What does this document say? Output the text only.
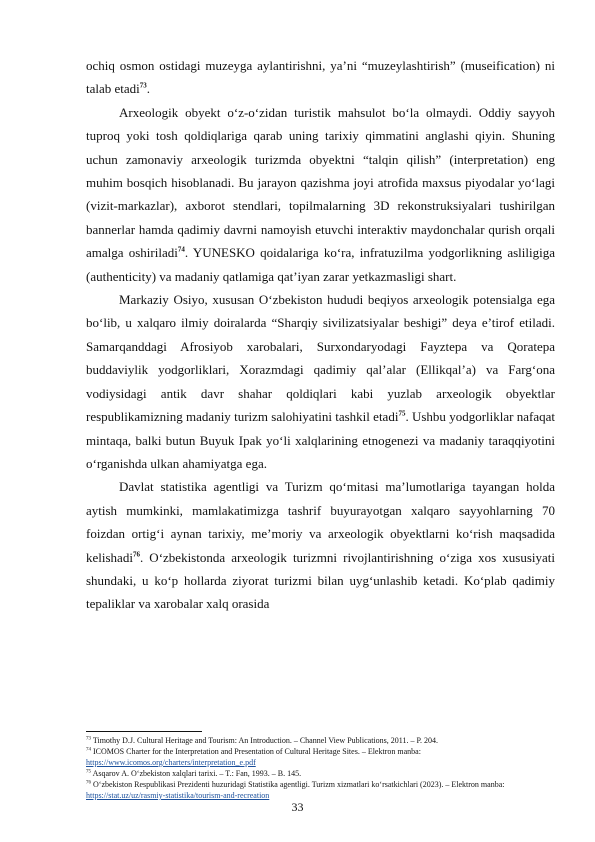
ochiq osmon ostidagi muzeyga aylantirishni, ya’ni “muzeylashtirish” (museification) ni talab etadi$^{73}$.

Arxeologik obyekt o‘z-o‘zidan turistik mahsulot bo‘la olmaydi. Oddiy sayyoh tuproq yoki tosh qoldiqlariga qarab uning tarixiy qimmatini anglashi qiyin. Shuning uchun zamonaviy arxeologik turizmda obyektni “talqin qilish” (interpretation) eng muhim bosqich hisoblanadi. Bu jarayon qazishma joyi atrofida maxsus piyodalar yo‘lagi (vizit-markazlar), axborot stendlari, topilmalarning 3D rekonstruksiyalari tushirilgan bannerlar hamda qadimiy davrni namoyish etuvchi interaktiv maydonchalar qurish orqali amalga oshiriladi$^{74}$. YUNESKO qoidalariga ko‘ra, infratuzilma yodgorlikning asliligiga (authenticity) va madaniy qatlamiga qat’iyan zarar yetkazmasligi shart.

Markaziy Osiyo, xususan O‘zbekiston hududi beqiyos arxeologik potensialga ega bo‘lib, u xalqaro ilmiy doiralarda “Sharqiy sivilizatsiyalar beshigi” deya e’tirof etiladi. Samarqanddagi Afrosiyob xarobalari, Surxondaryodagi Fayztepa va Qoratepa buddaviylik yodgorliklari, Xorazmdagi qadimiy qal’alar (Ellikqal’a) va Farg‘ona vodiysidagi antik davr shahar qoldiqlari kabi yuzlab arxeologik obyektlar respublikamizning madaniy turizm salohiyatini tashkil etadi$^{75}$. Ushbu yodgorliklar nafaqat mintaqa, balki butun Buyuk Ipak yo‘li xalqlarining etnogenezi va madaniy taraqqiyotini o‘rganishda ulkan ahamiyatga ega.

Davlat statistika agentligi va Turizm qo‘mitasi ma’lumotlariga tayangan holda aytish mumkinki, mamlakatimizga tashrif buyurayotgan xalqaro sayyohlarning 70 foizdan ortig‘i aynan tarixiy, me’moriy va arxeologik obyektlarni ko‘rish maqsadida kelishadi$^{76}$. O‘zbekistonda arxeologik turizmni rivojlantirishning o‘ziga xos xususiyati shundaki, u ko‘p hollarda ziyorat turizmi bilan uyg‘unlashib ketadi. Ko‘plab qadimiy tepaliklar va xarobalar xalq orasida

$^{73}$ Timothy D.J. Cultural Heritage and Tourism: An Introduction. – Channel View Publications, 2011. – P. 204.

$^{74}$ ICOMOS Charter for the Interpretation and Presentation of Cultural Heritage Sites. – Elektron manba:
https://www.icomos.org/charters/interpretation_e.pdf

$^{75}$ Asqarov A. O‘zbekiston xalqlari tarixi. – T.: Fan, 1993. – B. 145.

$^{76}$ O‘zbekiston Respublikasi Prezidenti huzuridagi Statistika agentligi. Turizm xizmatlari ko‘rsatkichlari (2023). – Elektron manba: https://stat.uz/uz/rasmiy-statistika/tourism-and-recreation

33
